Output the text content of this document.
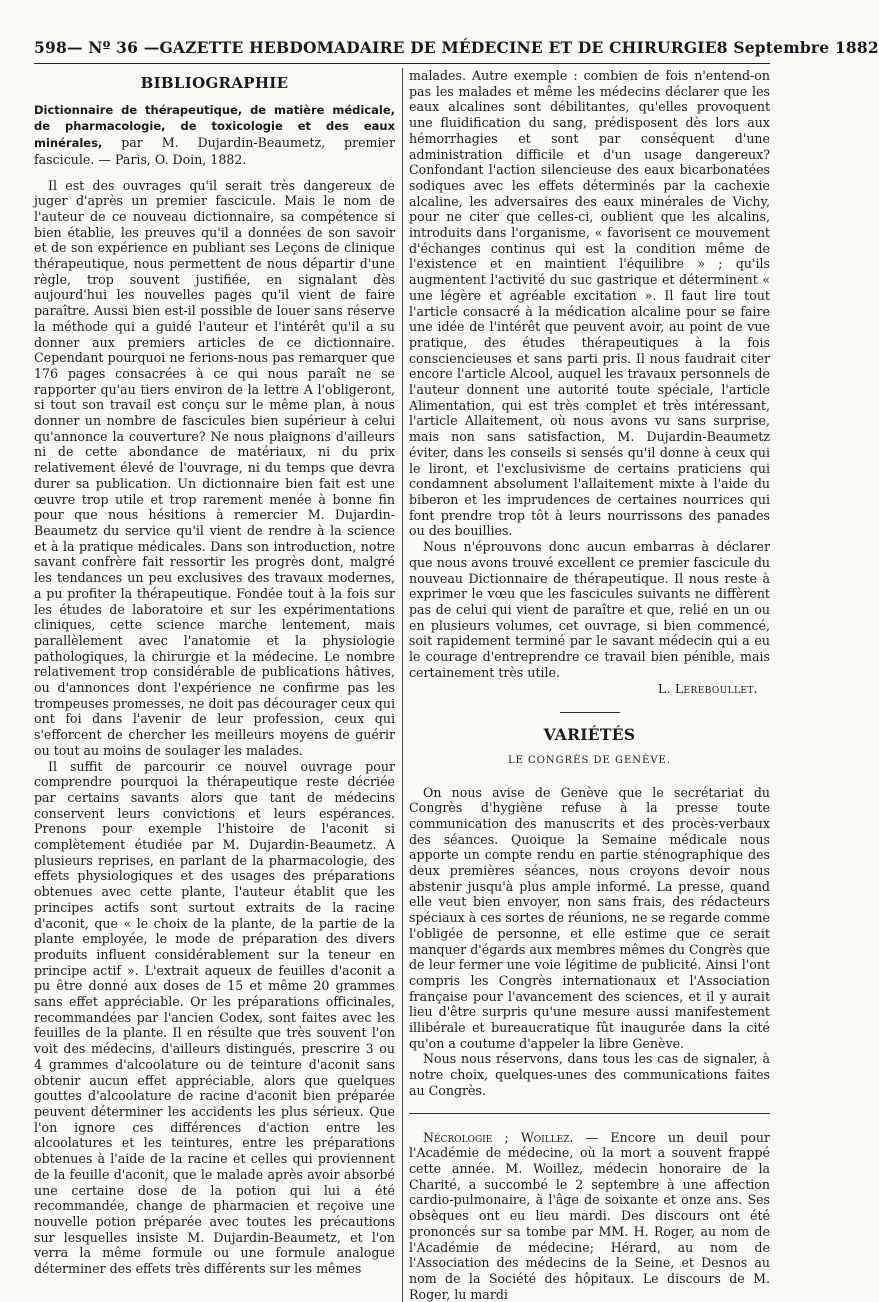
598 — Nº 36 — GAZETTE HEBDOMADAIRE DE MÉDECINE ET DE CHIRURGIE 8 Septembre 1882
BIBLIOGRAPHIE

Dictionnaire de thérapeutique, de matière médicale, de pharmacologie, de toxicologie et des eaux minérales, par M. Dujardin-Beaumetz, premier fascicule. — Paris, O. Doin, 1882.

Il est des ouvrages qu'il serait très dangereux de juger d'après un premier fascicule. Mais le nom de l'auteur de ce nouveau dictionnaire, sa compétence si bien établie, les preuves qu'il a données de son savoir et de son expérience en publiant ses Leçons de clinique thérapeutique, nous permettent de nous départir d'une règle, trop souvent justifiée, en signalant dès aujourd'hui les nouvelles pages qu'il vient de faire paraître. Aussi bien est-il possible de louer sans réserve la méthode qui a guidé l'auteur et l'intérêt qu'il a su donner aux premiers articles de ce dictionnaire. Cependant pourquoi ne ferions-nous pas remarquer que 176 pages consacrées à ce qui nous paraît ne se rapporter qu'au tiers environ de la lettre A l'obligeront, si tout son travail est conçu sur le même plan, à nous donner un nombre de fascicules bien supérieur à celui qu'annonce la couverture? Ne nous plaignons d'ailleurs ni de cette abondance de matériaux, ni du prix relativement élevé de l'ouvrage, ni du temps que devra durer sa publication. Un dictionnaire bien fait est une œuvre trop utile et trop rarement menée à bonne fin pour que nous hésitions à remercier M. Dujardin-Beaumetz du service qu'il vient de rendre à la science et à la pratique médicales. Dans son introduction, notre savant confrère fait ressortir les progrès dont, malgré les tendances un peu exclusives des travaux modernes, a pu profiter la thérapeutique. Fondée tout à la fois sur les études de laboratoire et sur les expérimentations cliniques, cette science marche lentement, mais parallèlement avec l'anatomie et la physiologie pathologiques, la chirurgie et la médecine. Le nombre relativement trop considérable de publications hâtives, ou d'annonces dont l'expérience ne confirme pas les trompeuses promesses, ne doit pas décourager ceux qui ont foi dans l'avenir de leur profession, ceux qui s'efforcent de chercher les meilleurs moyens de guérir ou tout au moins de soulager les malades.

Il suffit de parcourir ce nouvel ouvrage pour comprendre pourquoi la thérapeutique reste décriée par certains savants alors que tant de médecins conservent leurs convictions et leurs espérances. Prenons pour exemple l'histoire de l'aconit si complètement étudiée par M. Dujardin-Beaumetz. A plusieurs reprises, en parlant de la pharmacologie, des effets physiologiques et des usages des préparations obtenues avec cette plante, l'auteur établit que les principes actifs sont surtout extraits de la racine d'aconit, que « le choix de la plante, de la partie de la plante employée, le mode de préparation des divers produits influent considérablement sur la teneur en principe actif ». L'extrait aqueux de feuilles d'aconit a pu être donné aux doses de 15 et même 20 grammes sans effet appréciable. Or les préparations officinales, recommandées par l'ancien Codex, sont faites avec les feuilles de la plante. Il en résulte que très souvent l'on voit des médecins, d'ailleurs distingués, prescrire 3 ou 4 grammes d'alcoolature ou de teinture d'aconit sans obtenir aucun effet appréciable, alors que quelques gouttes d'alcoolature de racine d'aconit bien préparée peuvent déterminer les accidents les plus sérieux. Que l'on ignore ces différences d'action entre les alcoolatures et les teintures, entre les préparations obtenues à l'aide de la racine et celles qui proviennent de la feuille d'aconit, que le malade après avoir absorbé une certaine dose de la potion qui lui a été recommandée, change de pharmacien et reçoive une nouvelle potion préparée avec toutes les précautions sur lesquelles insiste M. Dujardin-Beaumetz, et l'on verra la même formule ou une formule analogue déterminer des effets très différents sur les mêmes

malades. Autre exemple : combien de fois n'entend-on pas les malades et même les médecins déclarer que les eaux alcalines sont débilitantes, qu'elles provoquent une fluidification du sang, prédisposent dès lors aux hémorrhagies et sont par conséquent d'une administration difficile et d'un usage dangereux? Confondant l'action silencieuse des eaux bicarbonatées sodiques avec les effets déterminés par la cachexie alcaline, les adversaires des eaux minérales de Vichy, pour ne citer que celles-ci, oublient que les alcalins, introduits dans l'organisme, « favorisent ce mouvement d'échanges continus qui est la condition même de l'existence et en maintient l'équilibre » ; qu'ils augmentent l'activité du suc gastrique et déterminent « une légère et agréable excitation ». Il faut lire tout l'article consacré à la médication alcaline pour se faire une idée de l'intérêt que peuvent avoir, au point de vue pratique, des études thérapeutiques à la fois consciencieuses et sans parti pris. Il nous faudrait citer encore l'article Alcool, auquel les travaux personnels de l'auteur donnent une autorité toute spéciale, l'article Alimentation, qui est très complet et très intéressant, l'article Allaitement, où nous avons vu sans surprise, mais non sans satisfaction, M. Dujardin-Beaumetz éviter, dans les conseils si sensés qu'il donne à ceux qui le liront, et l'exclusivisme de certains praticiens qui condamnent absolument l'allaitement mixte à l'aide du biberon et les imprudences de certaines nourrices qui font prendre trop tôt à leurs nourrissons des panades ou des bouillies.

Nous n'éprouvons donc aucun embarras à déclarer que nous avons trouvé excellent ce premier fascicule du nouveau Dictionnaire de thérapeutique. Il nous reste à exprimer le vœu que les fascicules suivants ne diffèrent pas de celui qui vient de paraître et que, relié en un ou en plusieurs volumes, cet ouvrage, si bien commencé, soit rapidement terminé par le savant médecin qui a eu le courage d'entreprendre ce travail bien pénible, mais certainement très utile.

L. Lereboullet.
VARIÉTÉS
LE CONGRÈS DE GENÈVE.

On nous avise de Genève que le secrétariat du Congrès d'hygiène refuse à la presse toute communication des manuscrits et des procès-verbaux des séances. Quoique la Semaine médicale nous apporte un compte rendu en partie sténographique des deux premières séances, nous croyons devoir nous abstenir jusqu'à plus ample informé. La presse, quand elle veut bien envoyer, non sans frais, des rédacteurs spéciaux à ces sortes de réunions, ne se regarde comme l'obligée de personne, et elle estime que ce serait manquer d'égards aux membres mêmes du Congrès que de leur fermer une voie légitime de publicité. Ainsi l'ont compris les Congrès internationaux et l'Association française pour l'avancement des sciences, et il y aurait lieu d'être surpris qu'une mesure aussi manifestement illibérale et bureaucratique fût inaugurée dans la cité qu'on a coutume d'appeler la libre Genève.

Nous nous réservons, dans tous les cas de signaler, à notre choix, quelques-unes des communications faites au Congrès.

Nécrologie ; Woillez. — Encore un deuil pour l'Académie de médecine, où la mort a souvent frappé cette année. M. Woillez, médecin honoraire de la Charité, a succombé le 2 septembre à une affection cardio-pulmonaire, à l'âge de soixante et onze ans. Ses obsèques ont eu lieu mardi. Des discours ont été prononcés sur sa tombe par MM. H. Roger, au nom de l'Académie de médecine; Hérard, au nom de l'Association des médecins de la Seine, et Desnos au nom de la Société des hôpitaux. Le discours de M. Roger, lu mardi
